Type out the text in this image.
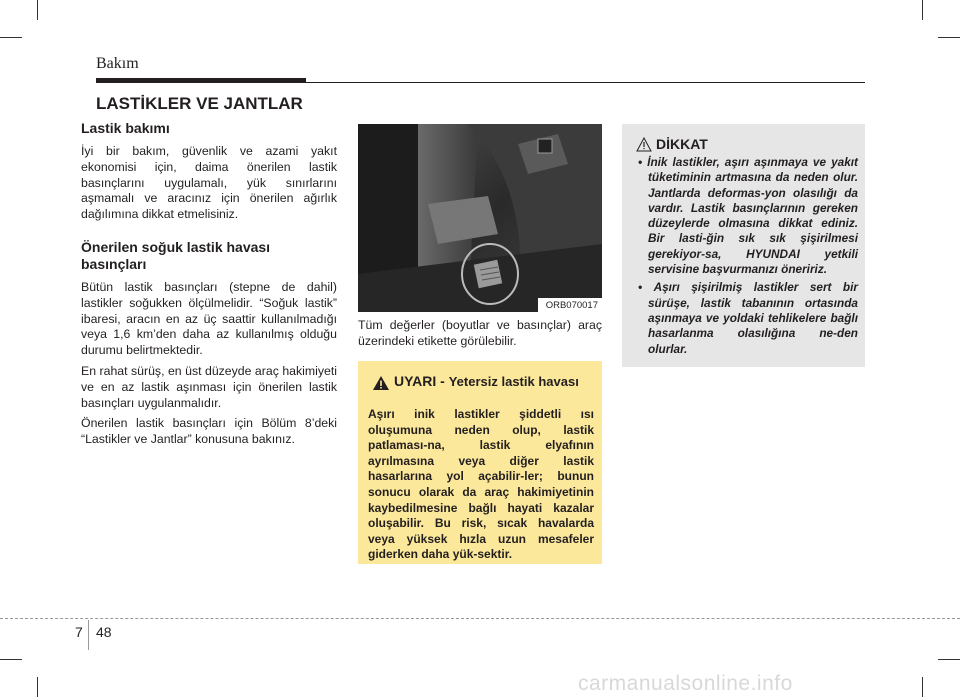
Bakım
LASTİKLER VE JANTLAR
Lastik bakımı

İyi bir bakım, güvenlik ve azami yakıt ekonomisi için, daima önerilen lastik basınçlarını uygulamalı, yük sınırlarını aşmamalı ve aracınız için önerilen ağırlık dağılımına dikkat etmelisiniz.

Önerilen soğuk lastik havası basınçları

Bütün lastik basınçları (stepne de dahil) lastikler soğukken ölçülmelidir. “Soğuk lastik” ibaresi, aracın en az üç saattir kullanılmadığı veya 1,6 km’den daha az kullanılmış olduğu durumu belirtmektedir.

En rahat sürüş, en üst düzeyde araç hakimiyeti ve en az lastik aşınması için önerilen lastik basınçları uygulanmalıdır.

Önerilen lastik basınçları için Bölüm 8’deki “Lastikler ve Jantlar” konusuna bakınız.

ORB070017
Tüm değerler (boyutlar ve basınçlar) araç üzerindeki etikette görülebilir.
UYARI - Yetersiz lastik havası
Aşırı inik lastikler şiddetli ısı oluşumuna neden olup, lastik patlaması-na, lastik elyafının ayrılmasına veya diğer lastik hasarlarına yol açabilir-ler; bunun sonucu olarak da araç hakimiyetinin kaybedilmesine bağlı hayati kazalar oluşabilir. Bu risk, sıcak havalarda veya yüksek hızla uzun mesafeler giderken daha yük-sektir.
DİKKAT
• İnik lastikler, aşırı aşınmaya ve yakıt tüketiminin artmasına da neden olur. Jantlarda deformas-yon olasılığı da vardır. Lastik basınçlarının gereken düzeylerde olmasına dikkat ediniz. Bir lasti-ğin sık sık şişirilmesi gerekiyor-sa, HYUNDAI yetkili servisine başvurmanızı öneririz.
• Aşırı şişirilmiş lastikler sert bir sürüşe, lastik tabanının ortasında aşınmaya ve yoldaki tehlikelere bağlı hasarlanma olasılığına ne-den olurlar.
7 48
carmanualsonline.info
